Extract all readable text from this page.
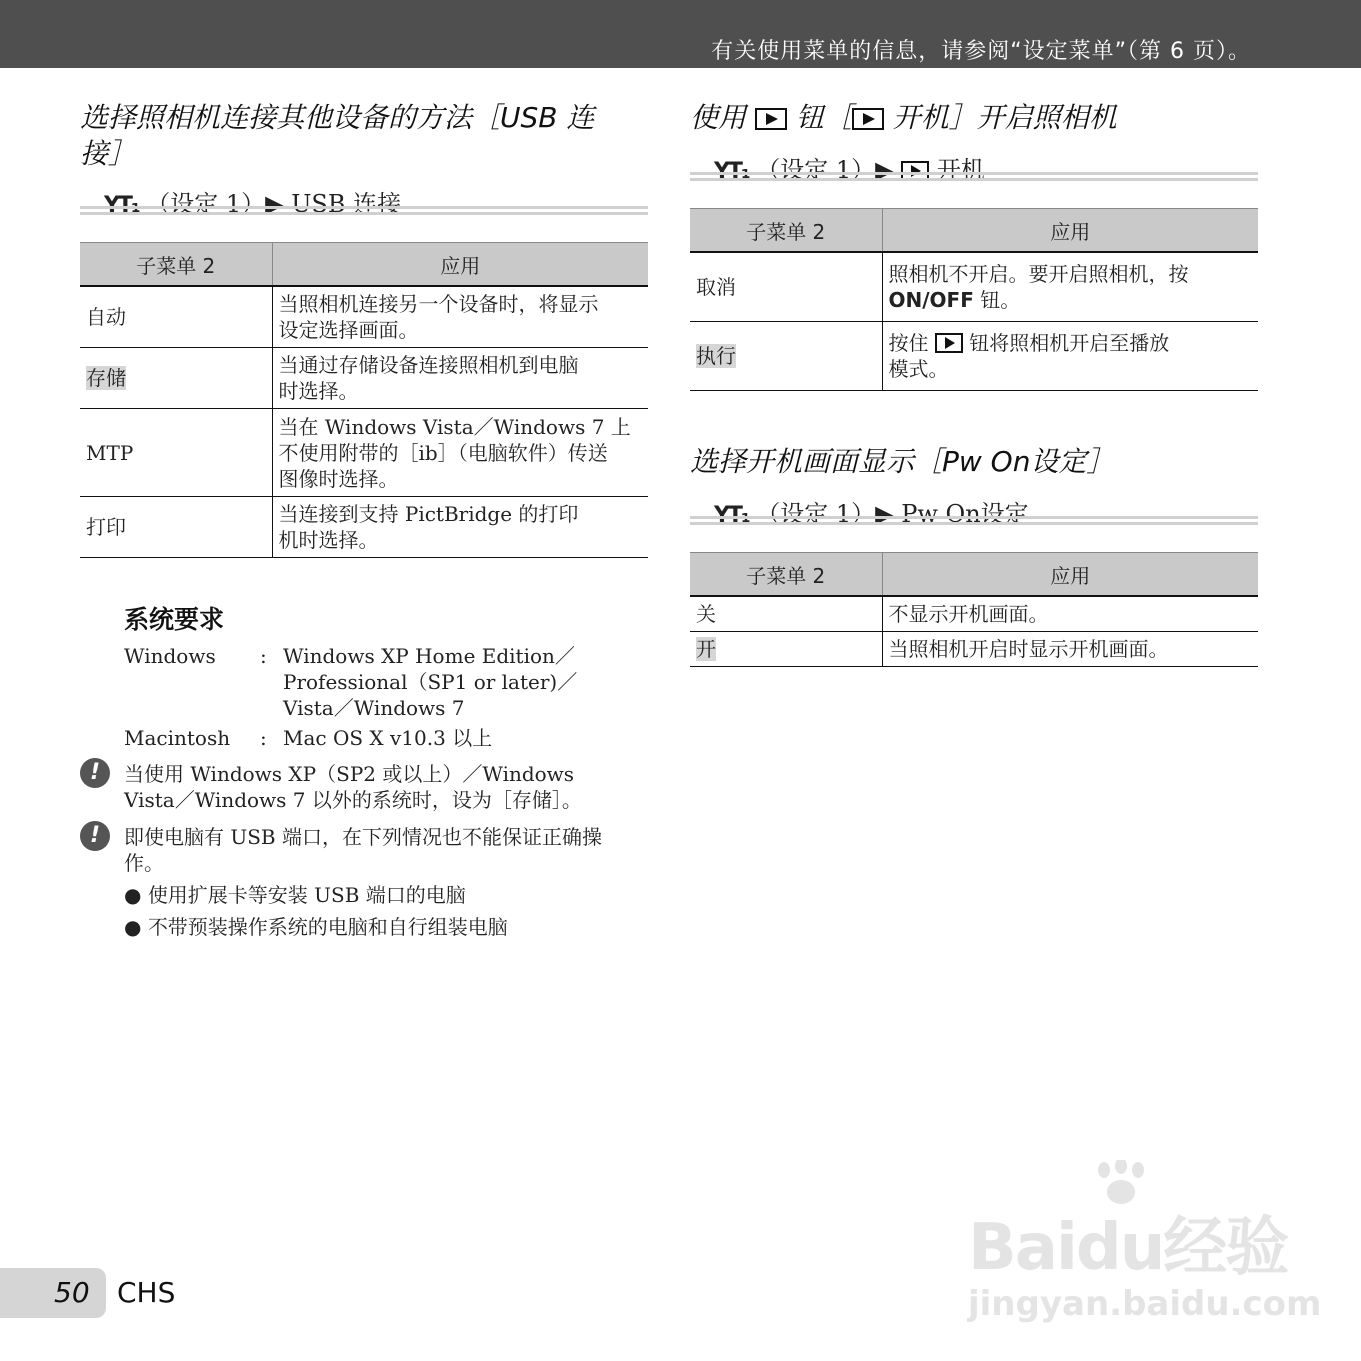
有关使用菜单的信息，请参阅“设定菜单”（第 6 页）。
选择照相机连接其他设备的方法［USB 连
接］
YT₁ （设定 1）▶ USB 连接
子菜单 2	应用
自动	当照相机连接另一个设备时，将显示
设定选择画面。

存储	当通过存储设备连接照相机到电脑
时选择。

MTP	当在 Windows Vista／Windows 7 上
不使用附带的［ib］（电脑软件）传送
图像时选择。

打印	当连接到支持 PictBridge 的打印
机时选择。
系统要求
Windows : Windows XP Home Edition／
Professional（SP1 or later)／
Vista／Windows 7
Macintosh : Mac OS X v10.3 以上
!	当使用 Windows XP（SP2 或以上）／Windows
Vista／Windows 7 以外的系统时，设为［存储］。
!	即使电脑有 USB 端口，在下列情况也不能保证正确操
作。
● 使用扩展卡等安装 USB 端口的电脑
● 不带预装操作系统的电脑和自行组装电脑
使用 钮［ 开机］开启照相机
YT₁ （设定 1）▶ 开机
子菜单 2	应用
取消	照相机不开启。要开启照相机，按
ON/OFF 钮。

执行	按住 钮将照相机开启至播放
模式。
选择开机画面显示［Pw On设定］
YT₁ （设定 1）▶ Pw On设定
子菜单 2	应用
关	不显示开机画面。
开	当照相机开启时显示开机画面。
50 CHS
Baidu经验
jingyan.baidu.com
